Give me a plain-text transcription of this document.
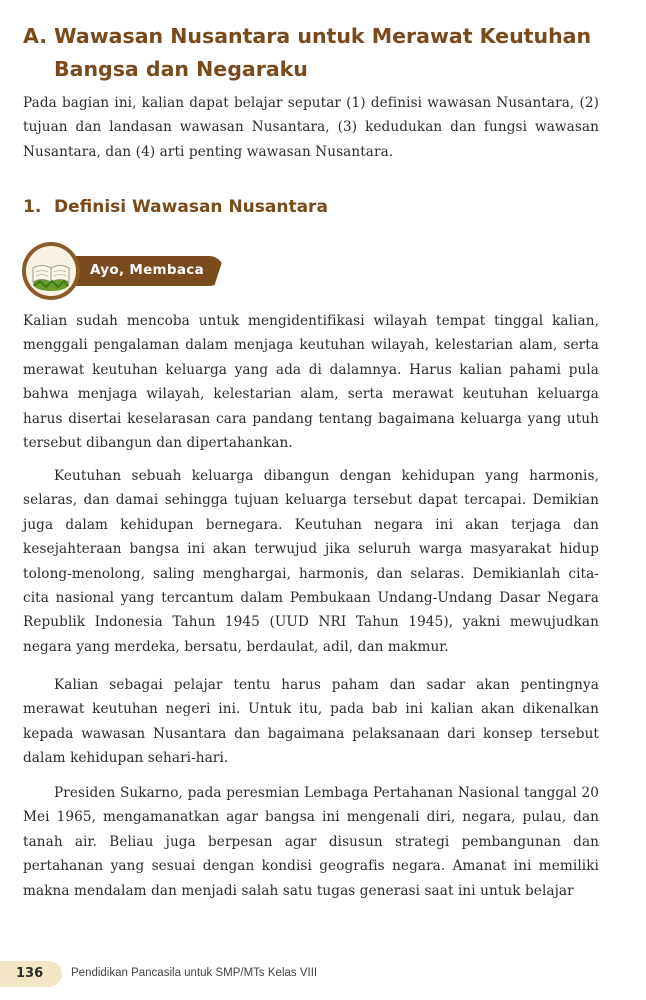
A. Wawasan Nusantara untuk Merawat Keutuhan Bangsa dan Negaraku

Pada bagian ini, kalian dapat belajar seputar (1) definisi wawasan Nusantara, (2) tujuan dan landasan wawasan Nusantara, (3) kedudukan dan fungsi wawasan Nusantara, dan (4) arti penting wawasan Nusantara.

1. Definisi Wawasan Nusantara
Ayo, Membaca

Kalian sudah mencoba untuk mengidentifikasi wilayah tempat tinggal kalian, menggali pengalaman dalam menjaga keutuhan wilayah, kelestarian alam, serta merawat keutuhan keluarga yang ada di dalamnya. Harus kalian pahami pula bahwa menjaga wilayah, kelestarian alam, serta merawat keutuhan keluarga harus disertai keselarasan cara pandang tentang bagaimana keluarga yang utuh tersebut dibangun dan dipertahankan.

Keutuhan sebuah keluarga dibangun dengan kehidupan yang harmonis, selaras, dan damai sehingga tujuan keluarga tersebut dapat tercapai. Demikian juga dalam kehidupan bernegara. Keutuhan negara ini akan terjaga dan kesejahteraan bangsa ini akan terwujud jika seluruh warga masyarakat hidup tolong-menolong, saling menghargai, harmonis, dan selaras. Demikianlah cita-cita nasional yang tercantum dalam Pembukaan Undang-Undang Dasar Negara Republik Indonesia Tahun 1945 (UUD NRI Tahun 1945), yakni mewujudkan negara yang merdeka, bersatu, berdaulat, adil, dan makmur.

Kalian sebagai pelajar tentu harus paham dan sadar akan pentingnya merawat keutuhan negeri ini. Untuk itu, pada bab ini kalian akan dikenalkan kepada wawasan Nusantara dan bagaimana pelaksanaan dari konsep tersebut dalam kehidupan sehari-hari.

Presiden Sukarno, pada peresmian Lembaga Pertahanan Nasional tanggal 20 Mei 1965, mengamanatkan agar bangsa ini mengenali diri, negara, pulau, dan tanah air. Beliau juga berpesan agar disusun strategi pembangunan dan pertahanan yang sesuai dengan kondisi geografis negara. Amanat ini memiliki makna mendalam dan menjadi salah satu tugas generasi saat ini untuk belajar

136 Pendidikan Pancasila untuk SMP/MTs Kelas VIII
